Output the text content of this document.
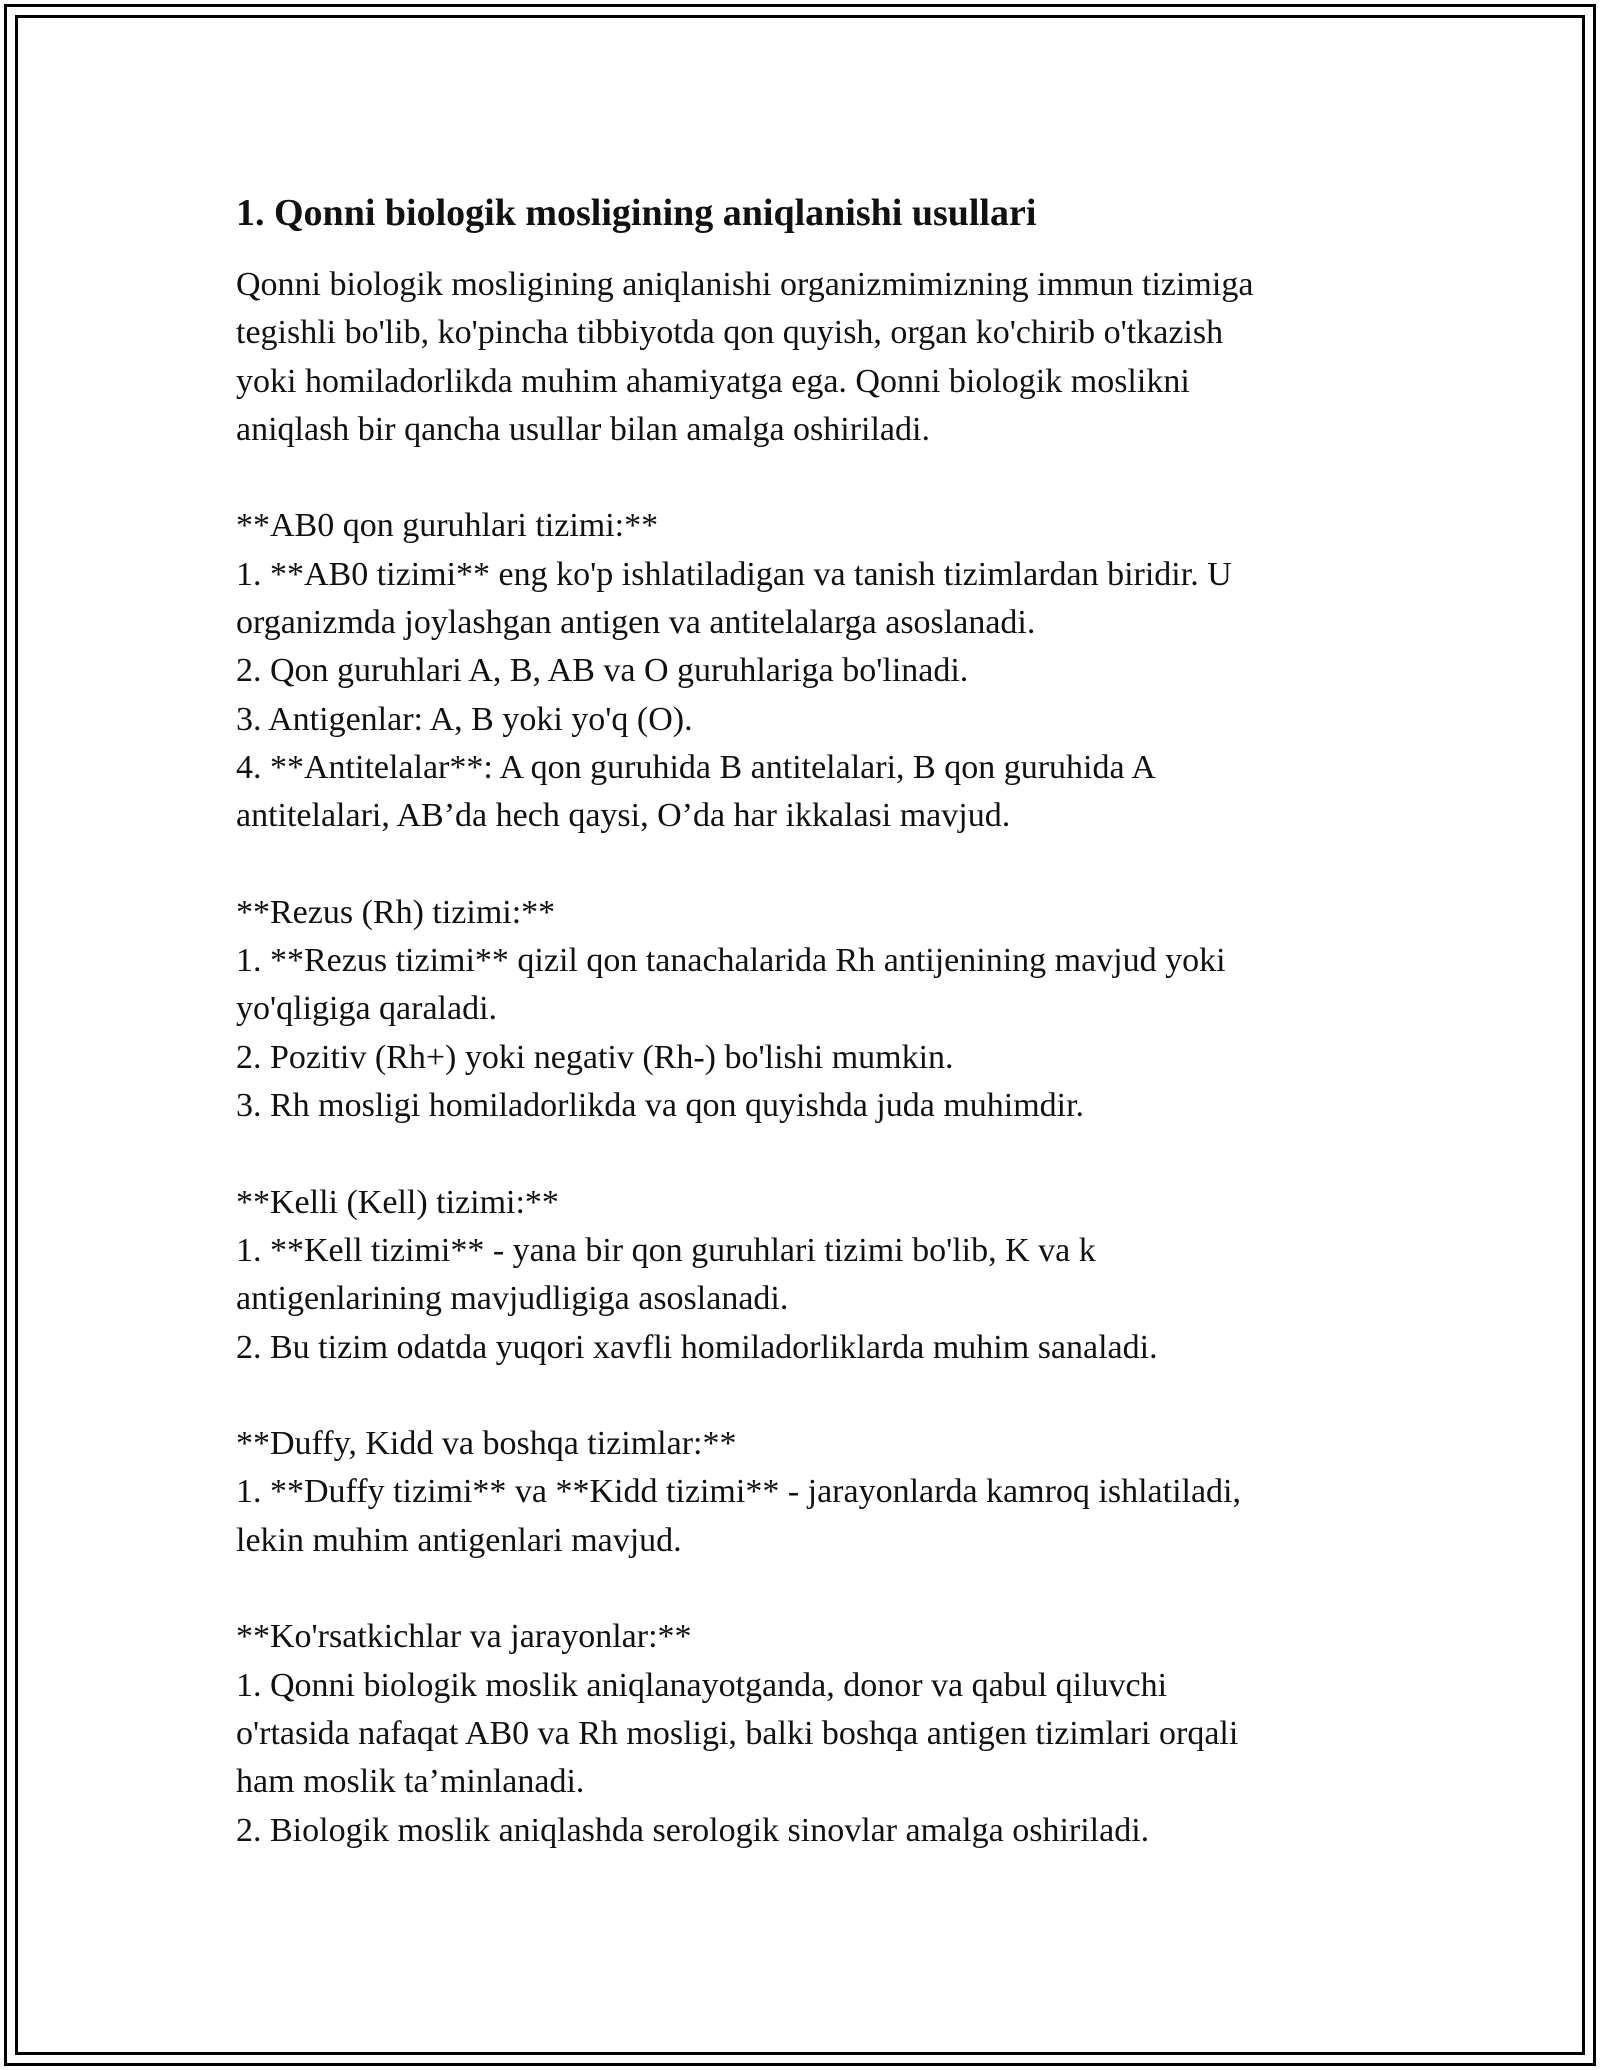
1. Qonni biologik mosligining aniqlanishi usullari

Qonni biologik mosligining aniqlanishi organizmimizning immun tizimiga
tegishli bo'lib, ko'pincha tibbiyotda qon quyish, organ ko'chirib o'tkazish
yoki homiladorlikda muhim ahamiyatga ega. Qonni biologik moslikni
aniqlash bir qancha usullar bilan amalga oshiriladi.

**AB0 qon guruhlari tizimi:**

1. **AB0 tizimi** eng ko'p ishlatiladigan va tanish tizimlardan biridir. U
organizmda joylashgan antigen va antitelalarga asoslanadi.

2. Qon guruhlari A, B, AB va O guruhlariga bo'linadi.

3. Antigenlar: A, B yoki yo'q (O).

4. **Antitelalar**: A qon guruhida B antitelalari, B qon guruhida A
antitelalari, AB’da hech qaysi, O’da har ikkalasi mavjud.

**Rezus (Rh) tizimi:**

1. **Rezus tizimi** qizil qon tanachalarida Rh antijenining mavjud yoki
yo'qligiga qaraladi.

2. Pozitiv (Rh+) yoki negativ (Rh-) bo'lishi mumkin.

3. Rh mosligi homiladorlikda va qon quyishda juda muhimdir.

**Kelli (Kell) tizimi:**

1. **Kell tizimi** - yana bir qon guruhlari tizimi bo'lib, K va k
antigenlarining mavjudligiga asoslanadi.

2. Bu tizim odatda yuqori xavfli homiladorliklarda muhim sanaladi.

**Duffy, Kidd va boshqa tizimlar:**

1. **Duffy tizimi** va **Kidd tizimi** - jarayonlarda kamroq ishlatiladi,
lekin muhim antigenlari mavjud.

**Ko'rsatkichlar va jarayonlar:**

1. Qonni biologik moslik aniqlanayotganda, donor va qabul qiluvchi
o'rtasida nafaqat AB0 va Rh mosligi, balki boshqa antigen tizimlari orqali
ham moslik ta’minlanadi.

2. Biologik moslik aniqlashda serologik sinovlar amalga oshiriladi.
